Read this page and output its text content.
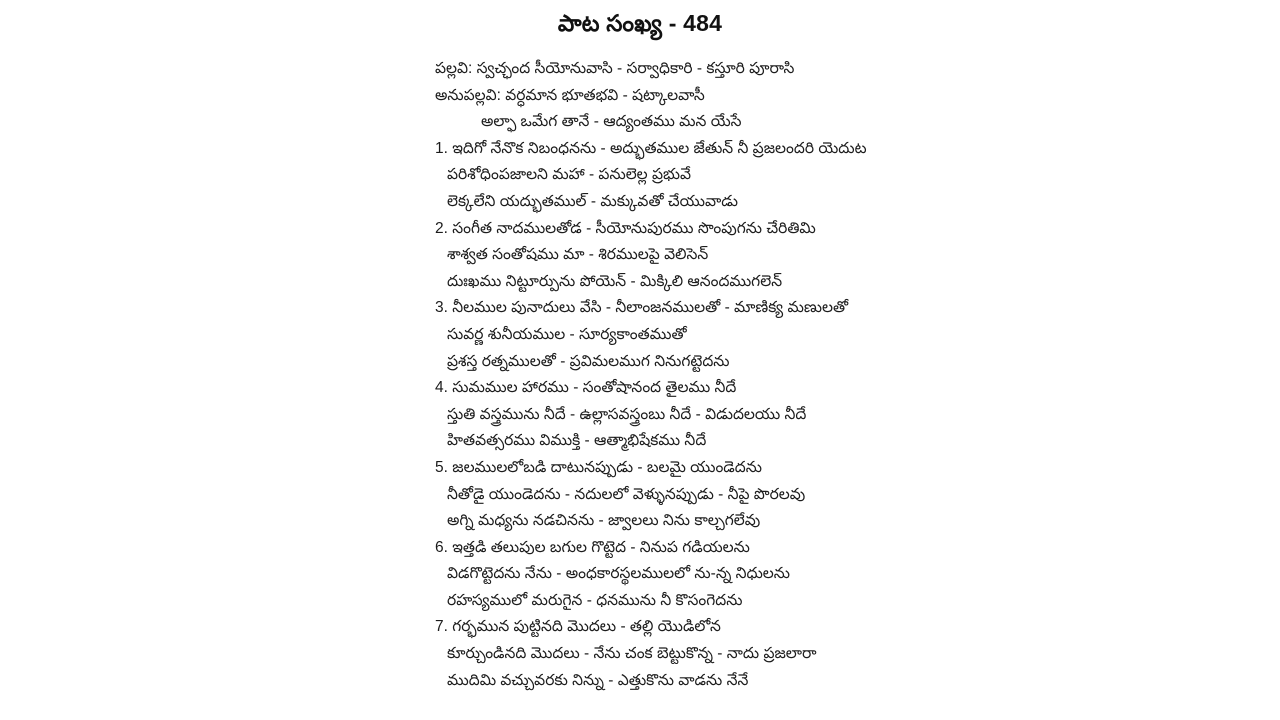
పాట సంఖ్య - 484
పల్లవి: స్వచ్ఛంద సీయోనువాసి - సర్వాధికారి - కస్తూరి పూరాసి
అనుపల్లవి: వర్ధమాన భూతభవి - షట్కాలవాసీ
అల్ఫా ఒమేగ తానే - ఆద్యంతము మన యేసే
1. ఇదిగో నేనొక నిబంధనను - అద్భుతముల జేతున్ నీ ప్రజలందరి యెదుట
పరిశోధింపజాలని మహా - పనులెల్ల ప్రభువే
లెక్కలేని యద్భుతముల్ - మక్కువతో చేయువాడు
2. సంగీత నాదములతోడ - సీయోనుపురము సొంపుగను చేరితిమి
శాశ్వత సంతోషము మా - శిరములపై వెలిసెన్
దుఃఖము నిట్టూర్పును పోయెన్ - మిక్కిలి ఆనందముగలెన్
3. నీలముల పునాదులు వేసి - నీలాంజనములతో - మాణిక్య మణులతో
సువర్ణ శునీయముల - సూర్యకాంతముతో
ప్రశస్త రత్నములతో - ప్రవిమలముగ నినుగట్టెదను
4. సుమముల హారము - సంతోషానంద తైలము నీదే
స్తుతి వస్త్రమును నీదే - ఉల్లాసవస్త్రంబు నీదే - విడుదలయు నీదే
హితవత్సరము విముక్తి - ఆత్మాభిషేకము నీదే
5. జలములలోబడి దాటునప్పుడు - బలమై యుండెదను
నీతోడై యుండెదను - నదులలో వెళ్ళునప్పుడు - నీపై పొరలవు
అగ్ని మధ్యను నడచినను - జ్వాలలు నిను కాల్చగలేవు
6. ఇత్తడి తలుపుల బగుల గొట్టెద - నినుప గడియలను
విడగొట్టెదను నేను - అంధకారస్థలములలో ను-న్న నిధులను
రహస్యములో మరుగైన - ధనమును నీ కొసంగెదను
7. గర్భమున పుట్టినది మొదలు - తల్లి యొడిలోన
కూర్చుండినది మొదలు - నేను చంక బెట్టుకొన్న - నాదు ప్రజలారా
ముదిమి వచ్చువరకు నిన్ను - ఎత్తుకొను వాడను నేనే
